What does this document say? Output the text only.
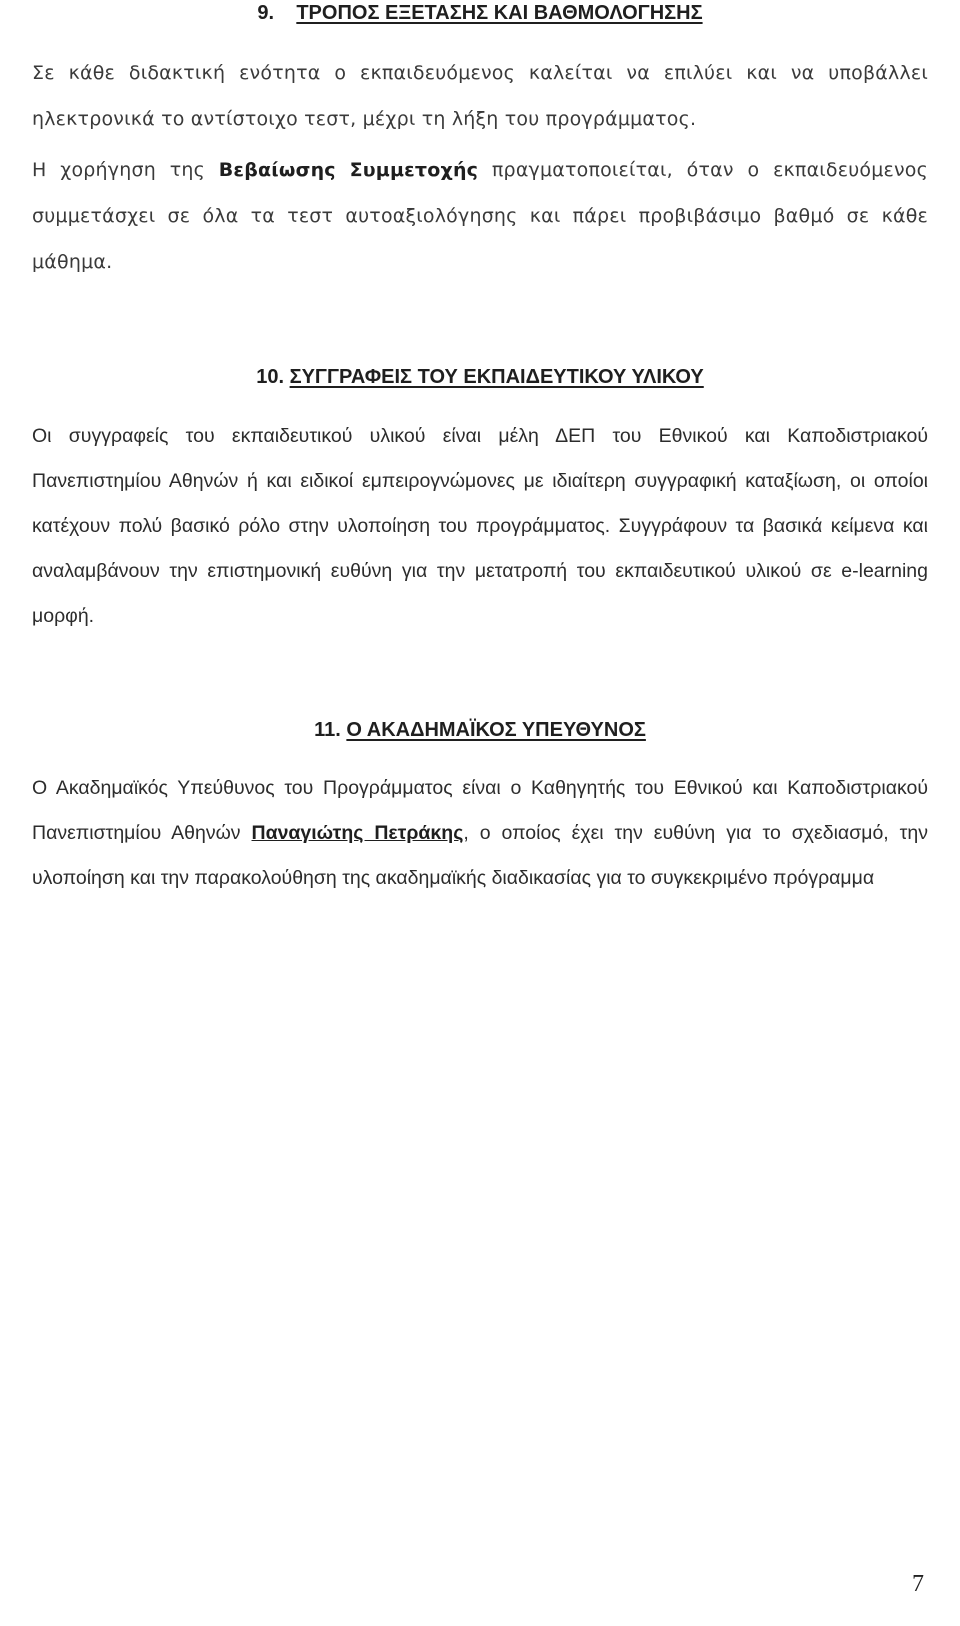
9. ΤΡΟΠΟΣ ΕΞΕΤΑΣΗΣ ΚΑΙ ΒΑΘΜΟΛΟΓΗΣΗΣ

Σε κάθε διδακτική ενότητα ο εκπαιδευόμενος καλείται να επιλύει και να υποβάλλει ηλεκτρονικά το αντίστοιχο τεστ, μέχρι τη λήξη του προγράμματος.

Η χορήγηση της Βεβαίωσης Συμμετοχής πραγματοποιείται, όταν ο εκπαιδευόμενος συμμετάσχει σε όλα τα τεστ αυτοαξιολόγησης και πάρει προβιβάσιμο βαθμό σε κάθε μάθημα.

10. ΣΥΓΓΡΑΦΕΙΣ ΤΟΥ ΕΚΠΑΙΔΕΥΤΙΚΟΥ ΥΛΙΚΟΥ

Οι συγγραφείς του εκπαιδευτικού υλικού είναι μέλη ΔΕΠ του Εθνικού και Καποδιστριακού Πανεπιστημίου Αθηνών ή και ειδικοί εμπειρογνώμονες με ιδιαίτερη συγγραφική καταξίωση, οι οποίοι κατέχουν πολύ βασικό ρόλο στην υλοποίηση του προγράμματος. Συγγράφουν τα βασικά κείμενα και αναλαμβάνουν την επιστημονική ευθύνη για την μετατροπή του εκπαιδευτικού υλικού σε e-learning μορφή.

11. Ο ΑΚΑΔΗΜΑΪΚΟΣ ΥΠΕΥΘΥΝΟΣ

Ο Ακαδημαϊκός Υπεύθυνος του Προγράμματος είναι ο Καθηγητής του Εθνικού και Καποδιστριακού Πανεπιστημίου Αθηνών Παναγιώτης Πετράκης, ο οποίος έχει την ευθύνη για το σχεδιασμό, την υλοποίηση και την παρακολούθηση της ακαδημαϊκής διαδικασίας για το συγκεκριμένο πρόγραμμα

7
